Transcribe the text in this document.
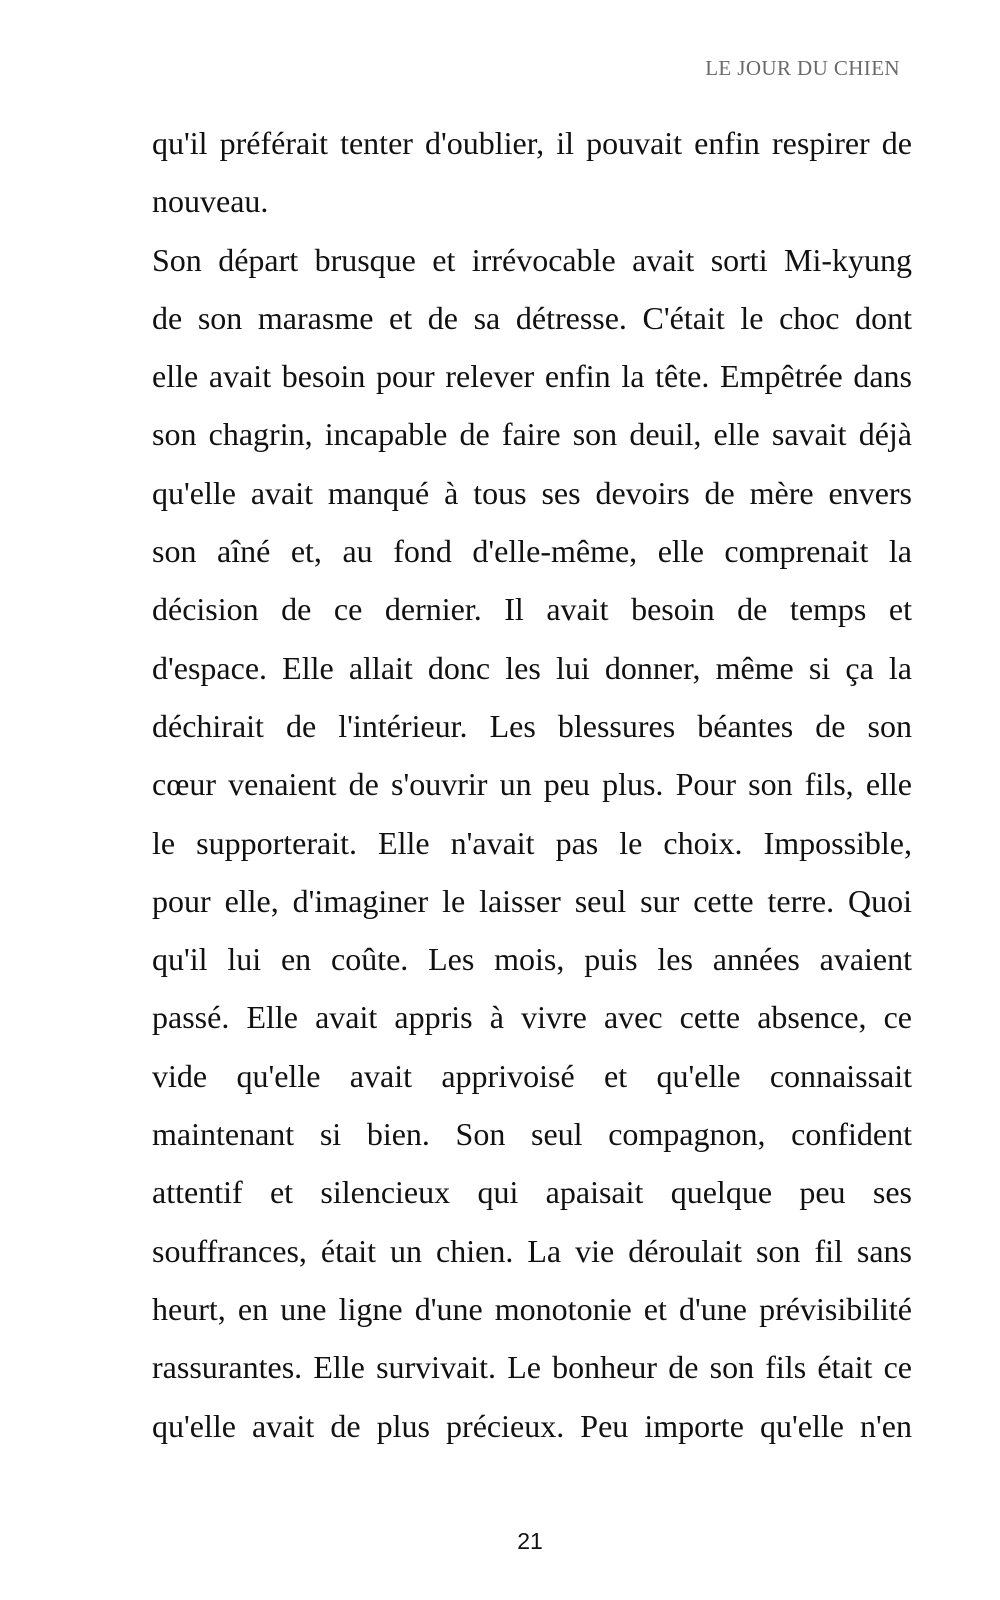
LE JOUR DU CHIEN
qu'il préférait tenter d'oublier, il pouvait enfin respirer de
nouveau.
Son départ brusque et irrévocable avait sorti Mi-kyung
de son marasme et de sa détresse. C'était le choc dont
elle avait besoin pour relever enfin la tête. Empêtrée dans
son chagrin, incapable de faire son deuil, elle savait déjà
qu'elle avait manqué à tous ses devoirs de mère envers
son aîné et, au fond d'elle-même, elle comprenait la
décision de ce dernier. Il avait besoin de temps et
d'espace. Elle allait donc les lui donner, même si ça la
déchirait de l'intérieur. Les blessures béantes de son
cœur venaient de s'ouvrir un peu plus. Pour son fils, elle
le supporterait. Elle n'avait pas le choix. Impossible,
pour elle, d'imaginer le laisser seul sur cette terre. Quoi
qu'il lui en coûte. Les mois, puis les années avaient
passé. Elle avait appris à vivre avec cette absence, ce
vide qu'elle avait apprivoisé et qu'elle connaissait
maintenant si bien. Son seul compagnon, confident
attentif et silencieux qui apaisait quelque peu ses
souffrances, était un chien. La vie déroulait son fil sans
heurt, en une ligne d'une monotonie et d'une prévisibilité
rassurantes. Elle survivait. Le bonheur de son fils était ce
qu'elle avait de plus précieux. Peu importe qu'elle n'en
21
